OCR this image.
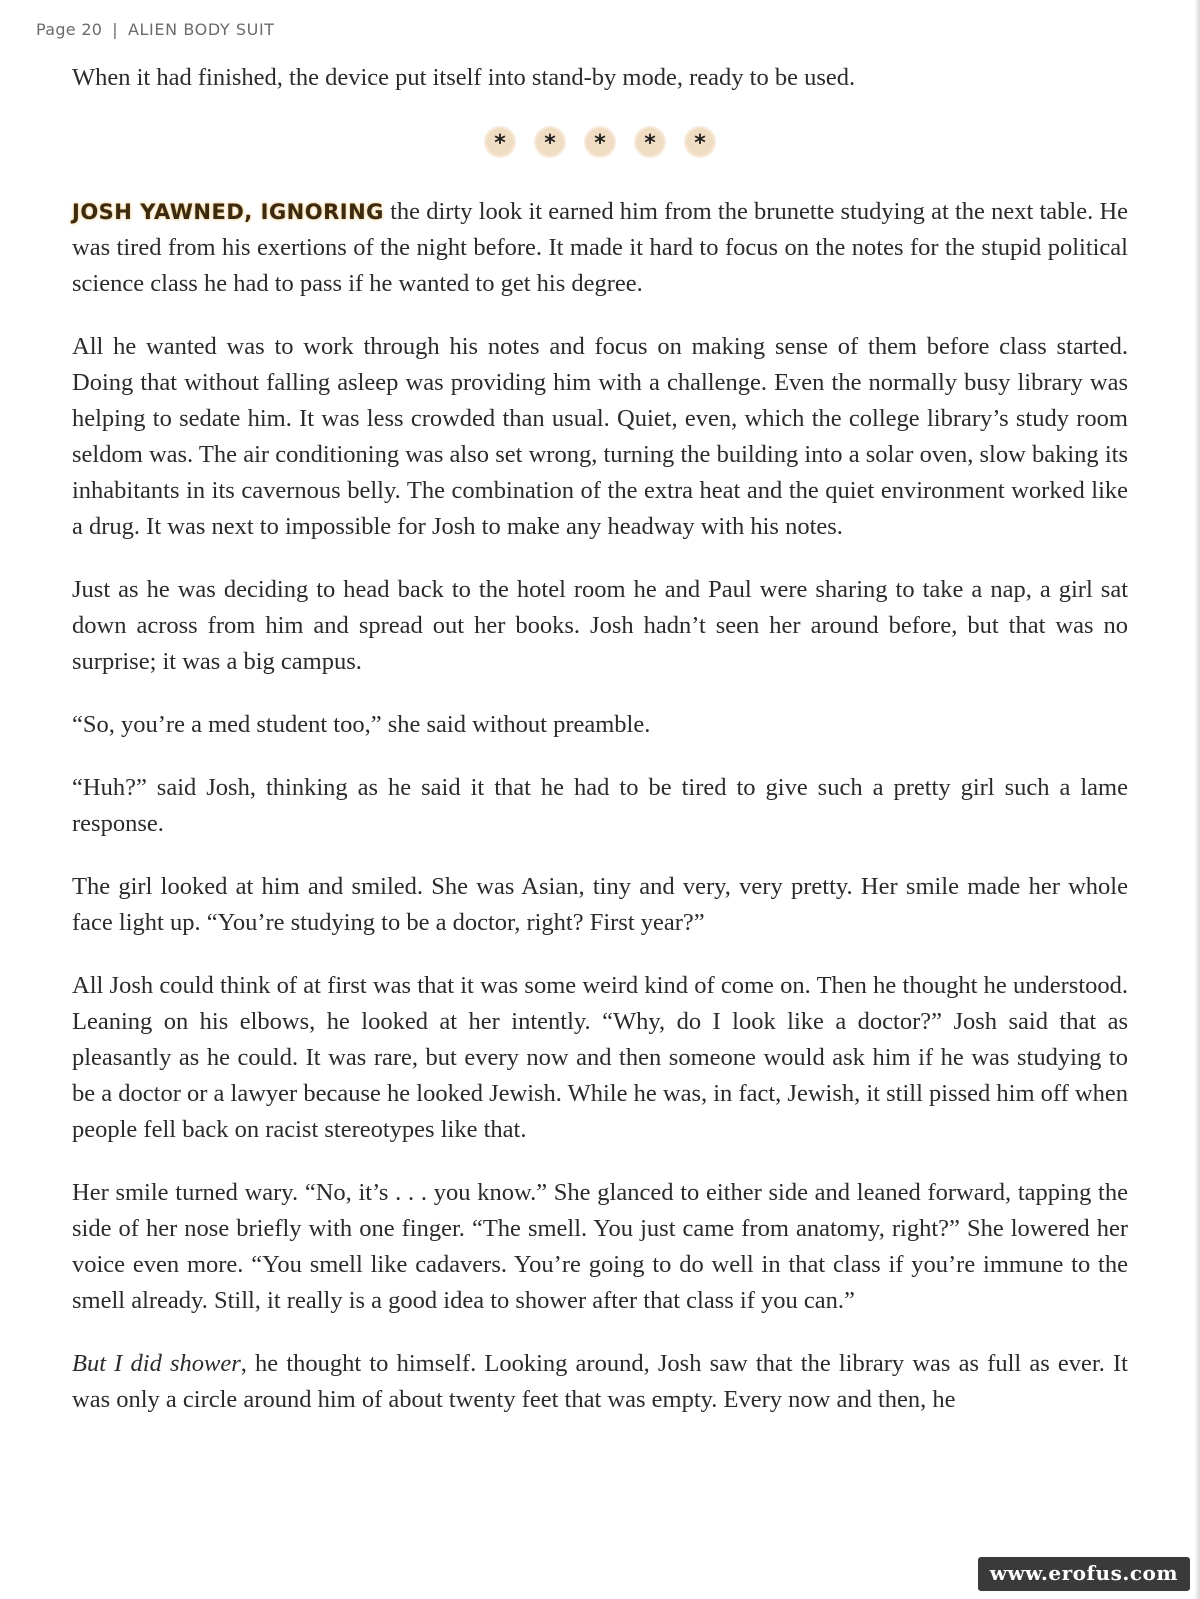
Page 20 | ALIEN BODY SUIT

When it had finished, the device put itself into stand-by mode, ready to be used.

*	*	*	*	*

JOSH YAWNED, IGNORING the dirty look it earned him from the brunette studying at the next table. He was tired from his exertions of the night before. It made it hard to focus on the notes for the stupid political science class he had to pass if he wanted to get his degree.

All he wanted was to work through his notes and focus on making sense of them before class started. Doing that without falling asleep was providing him with a challenge. Even the normally busy library was helping to sedate him. It was less crowded than usual. Quiet, even, which the college library’s study room seldom was. The air conditioning was also set wrong, turning the building into a solar oven, slow baking its inhabitants in its cavernous belly. The combination of the extra heat and the quiet environment worked like a drug. It was next to impossible for Josh to make any headway with his notes.

Just as he was deciding to head back to the hotel room he and Paul were sharing to take a nap, a girl sat down across from him and spread out her books. Josh hadn’t seen her around before, but that was no surprise; it was a big campus.

“So, you’re a med student too,” she said without preamble.

“Huh?” said Josh, thinking as he said it that he had to be tired to give such a pretty girl such a lame response.

The girl looked at him and smiled. She was Asian, tiny and very, very pretty. Her smile made her whole face light up. “You’re studying to be a doctor, right? First year?”

All Josh could think of at first was that it was some weird kind of come on. Then he thought he understood. Leaning on his elbows, he looked at her intently. “Why, do I look like a doctor?” Josh said that as pleasantly as he could. It was rare, but every now and then someone would ask him if he was studying to be a doctor or a lawyer because he looked Jewish. While he was, in fact, Jewish, it still pissed him off when people fell back on racist stereotypes like that.

Her smile turned wary. “No, it’s . . . you know.” She glanced to either side and leaned forward, tapping the side of her nose briefly with one finger. “The smell. You just came from anatomy, right?” She lowered her voice even more. “You smell like cadavers. You’re going to do well in that class if you’re immune to the smell already. Still, it really is a good idea to shower after that class if you can.”

But I did shower, he thought to himself. Looking around, Josh saw that the library was as full as ever. It was only a circle around him of about twenty feet that was empty. Every now and then, he

www.erofus.com
